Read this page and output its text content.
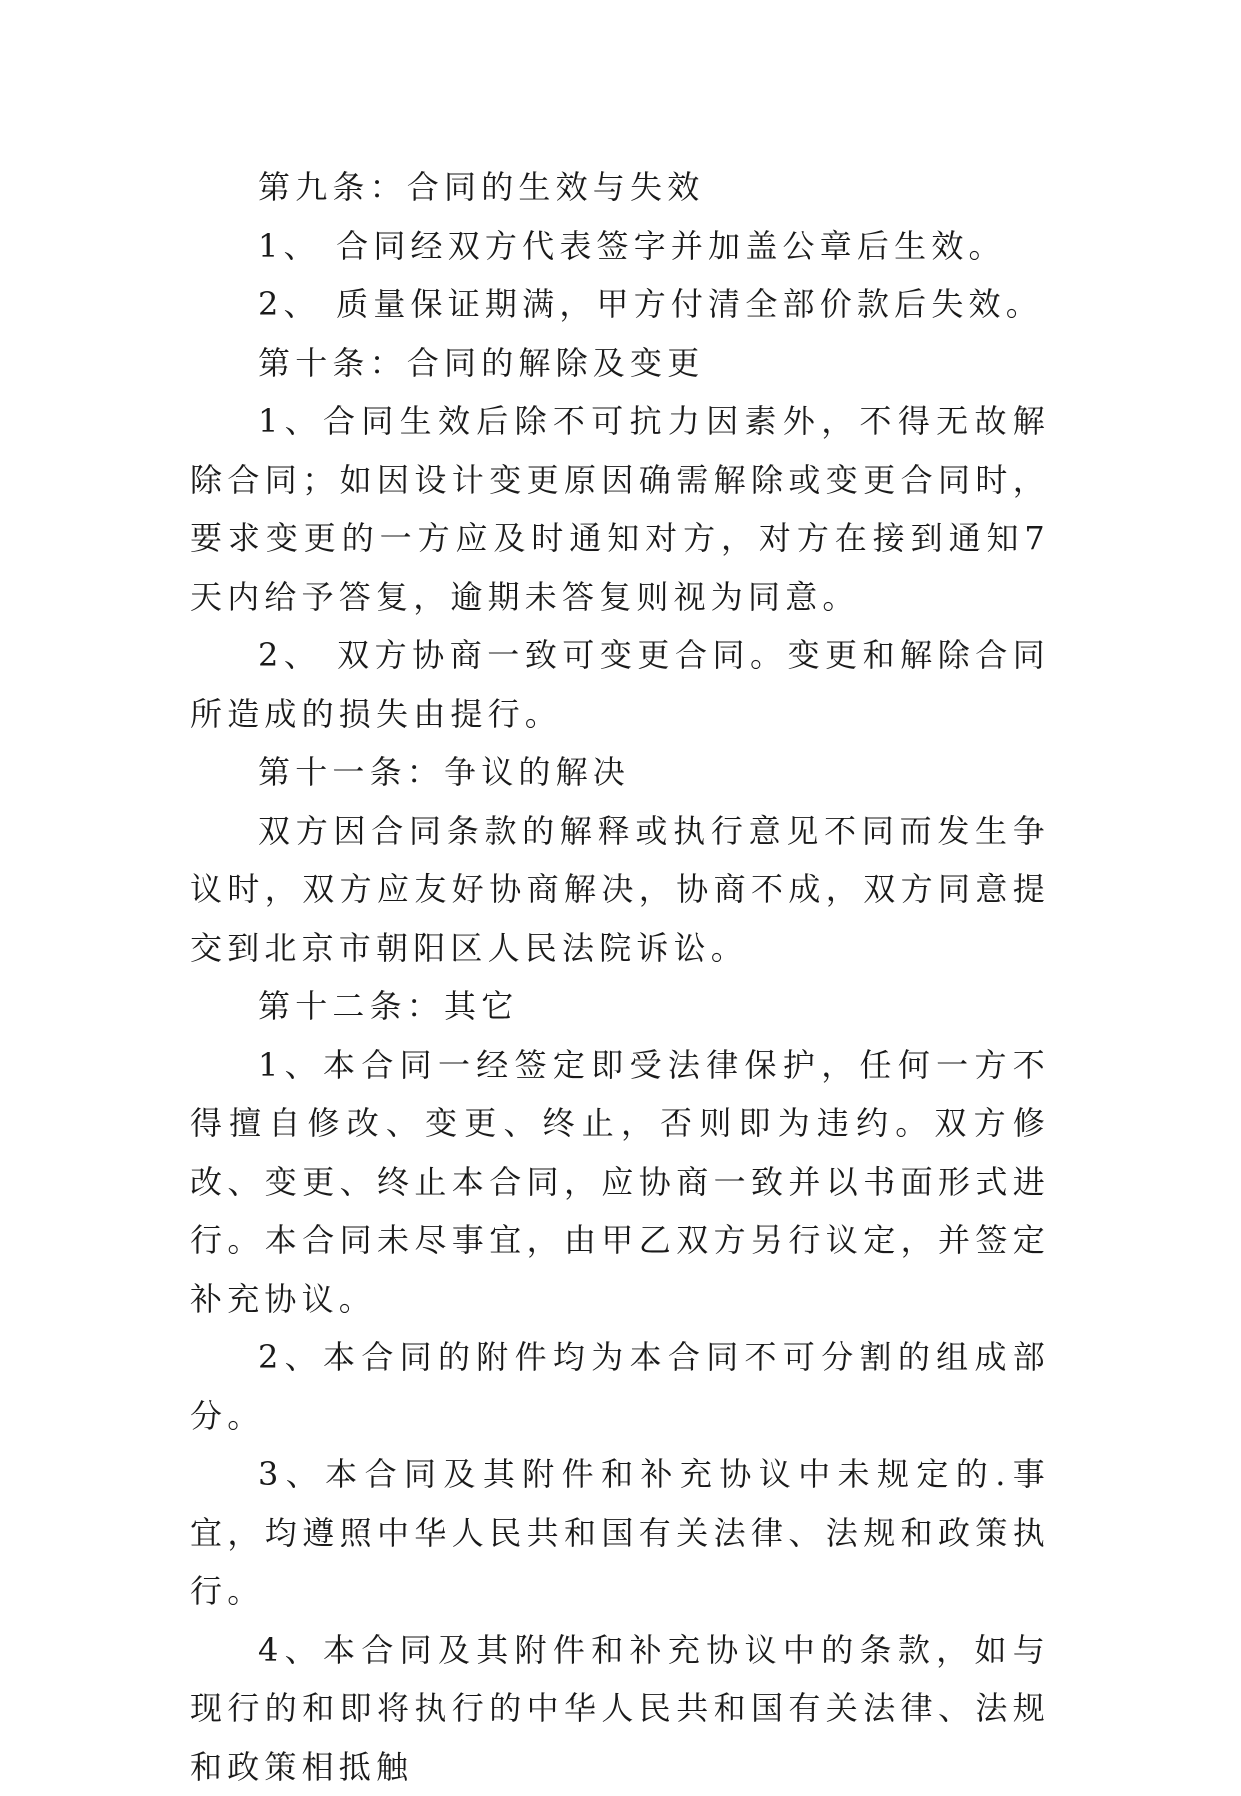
第九条：合同的生效与失效

1、 合同经双方代表签字并加盖公章后生效。

2、 质量保证期满，甲方付清全部价款后失效。

第十条：合同的解除及变更

1、合同生效后除不可抗力因素外，不得无故解除合同；如因设计变更原因确需解除或变更合同时，要求变更的一方应及时通知对方，对方在接到通知7天内给予答复，逾期未答复则视为同意。

2、 双方协商一致可变更合同。变更和解除合同所造成的损失由提行。

第十一条：争议的解决

双方因合同条款的解释或执行意见不同而发生争议时，双方应友好协商解决，协商不成，双方同意提交到北京市朝阳区人民法院诉讼。

第十二条：其它

1、本合同一经签定即受法律保护，任何一方不得擅自修改、变更、终止，否则即为违约。双方修改、变更、终止本合同，应协商一致并以书面形式进行。本合同未尽事宜，由甲乙双方另行议定，并签定补充协议。

2、本合同的附件均为本合同不可分割的组成部分。

3、本合同及其附件和补充协议中未规定的.事宜，均遵照中华人民共和国有关法律、法规和政策执行。

4、本合同及其附件和补充协议中的条款，如与现行的和即将执行的中华人民共和国有关法律、法规和政策相抵触
